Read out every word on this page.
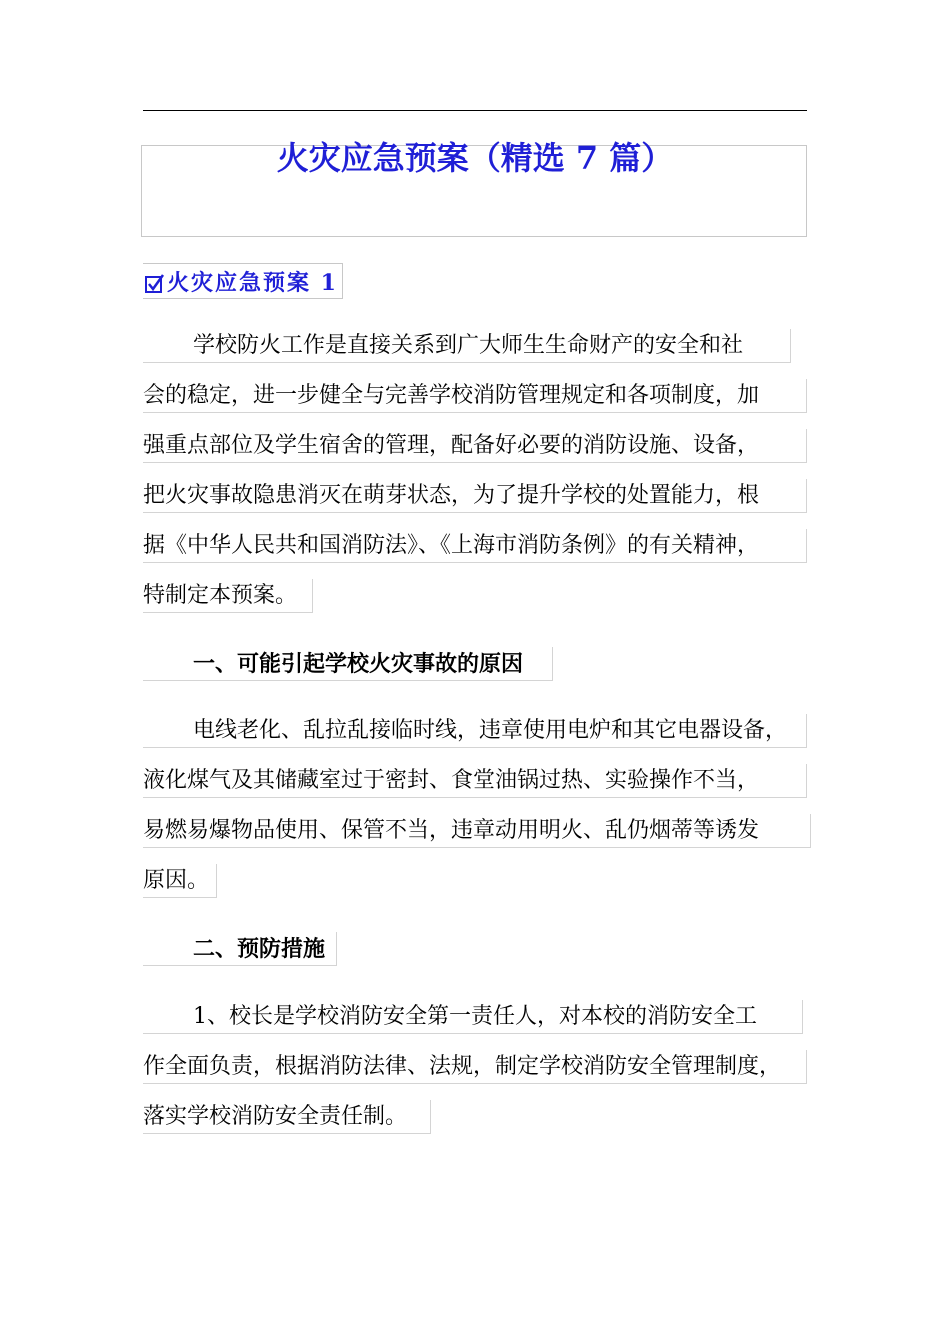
火灾应急预案（精选 7 篇）
火灾应急预案 1
学校防火工作是直接关系到广大师生生命财产的安全和社
会的稳定，进一步健全与完善学校消防管理规定和各项制度，加
强重点部位及学生宿舍的管理，配备好必要的消防设施、设备，
把火灾事故隐患消灭在萌芽状态，为了提升学校的处置能力，根
据《中华人民共和国消防法》、《上海市消防条例》的有关精神，
特制定本预案。
一、可能引起学校火灾事故的原因
电线老化、乱拉乱接临时线，违章使用电炉和其它电器设备，
液化煤气及其储藏室过于密封、食堂油锅过热、实验操作不当，
易燃易爆物品使用、保管不当，违章动用明火、乱仍烟蒂等诱发
原因。
二、预防措施
1、校长是学校消防安全第一责任人，对本校的消防安全工
作全面负责，根据消防法律、法规，制定学校消防安全管理制度，
落实学校消防安全责任制。
